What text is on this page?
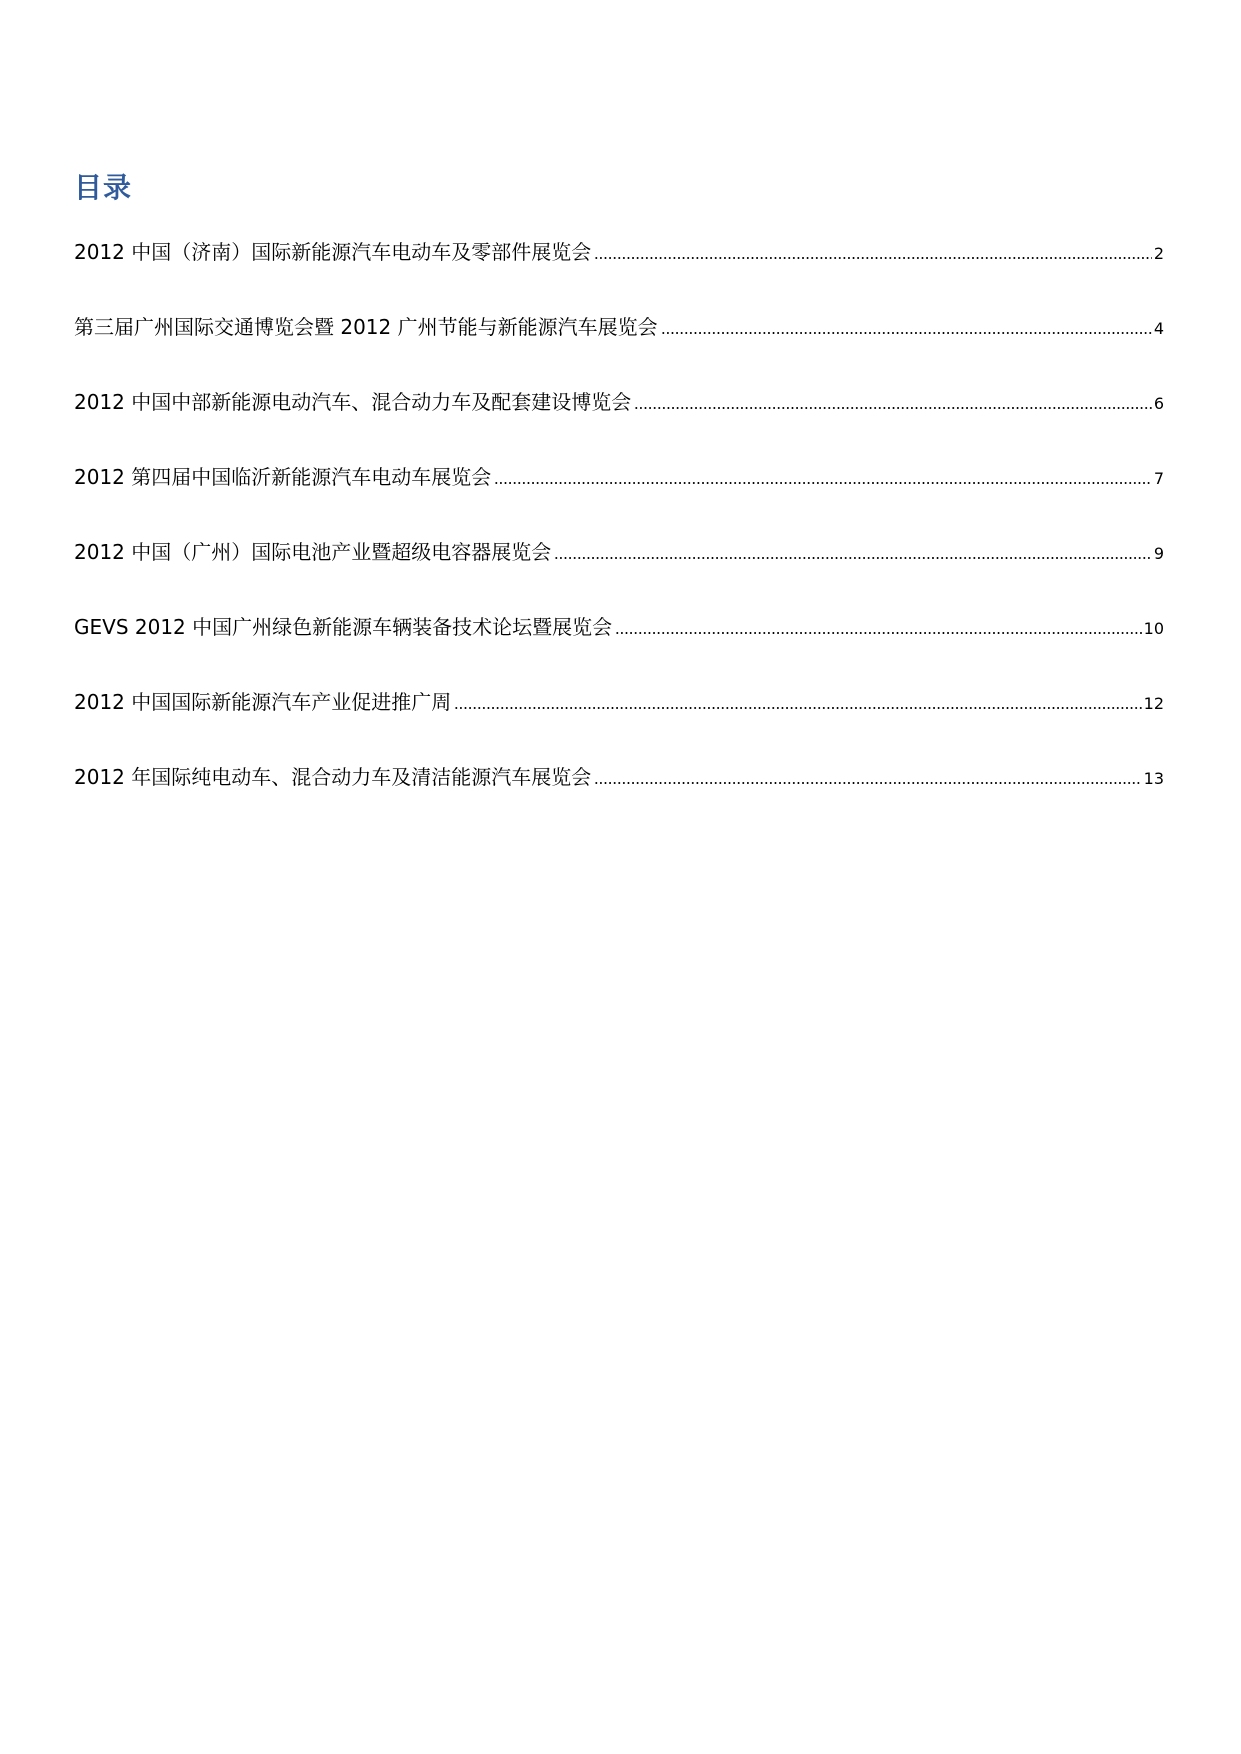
目录
2012 中国（济南）国际新能源汽车电动车及零部件展览会	2
第三届广州国际交通博览会暨 2012 广州节能与新能源汽车展览会	4
2012 中国中部新能源电动汽车、混合动力车及配套建设博览会	6
2012 第四届中国临沂新能源汽车电动车展览会	7
2012 中国（广州）国际电池产业暨超级电容器展览会	9
GEVS 2012 中国广州绿色新能源车辆装备技术论坛暨展览会	10
2012 中国国际新能源汽车产业促进推广周	12
2012 年国际纯电动车、混合动力车及清洁能源汽车展览会	13
